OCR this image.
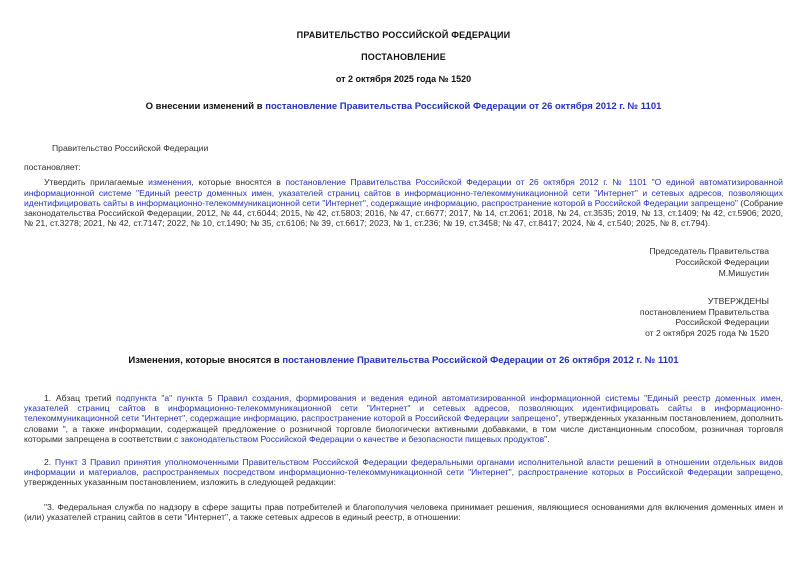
ПРАВИТЕЛЬСТВО РОССИЙСКОЙ ФЕДЕРАЦИИ
ПОСТАНОВЛЕНИЕ
от 2 октября 2025 года № 1520
О внесении изменений в постановление Правительства Российской Федерации от 26 октября 2012 г. № 1101

Правительство Российской Федерации

постановляет:

Утвердить прилагаемые изменения, которые вносятся в постановление Правительства Российской Федерации от 26 октября 2012 г. № 1101 "О единой автоматизированной информационной системе "Единый реестр доменных имен, указателей страниц сайтов в информационно-телекоммуникационной сети "Интернет" и сетевых адресов, позволяющих идентифицировать сайты в информационно-телекоммуникационной сети "Интернет", содержащие информацию, распространение которой в Российской Федерации запрещено" (Собрание законодательства Российской Федерации, 2012, № 44, ст.6044; 2015, № 42, ст.5803; 2016, № 47, ст.6677; 2017, № 14, ст.2061; 2018, № 24, ст.3535; 2019, № 13, ст.1409; № 42, ст.5906; 2020, № 21, ст.3278; 2021, № 42, ст.7147; 2022, № 10, ст.1490; № 35, ст.6106; № 39, ст.6617; 2023, № 1, ст.236; № 19, ст.3458; № 47, ст.8417; 2024, № 4, ст.540; 2025, № 8, ст.794).

Председатель Правительства
Российской Федерации
М.Мишустин
УТВЕРЖДЕНЫ
постановлением Правительства
Российской Федерации
от 2 октября 2025 года № 1520
Изменения, которые вносятся в постановление Правительства Российской Федерации от 26 октября 2012 г. № 1101

1. Абзац третий подпункта "а" пункта 5 Правил создания, формирования и ведения единой автоматизированной информационной системы "Единый реестр доменных имен, указателей страниц сайтов в информационно-телекоммуникационной сети "Интернет" и сетевых адресов, позволяющих идентифицировать сайты в информационно-телекоммуникационной сети "Интернет", содержащие информацию, распространение которой в Российской Федерации запрещено", утвержденных указанным постановлением, дополнить словами ", а также информации, содержащей предложение о розничной торговле биологически активными добавками, в том числе дистанционным способом, розничная торговля которыми запрещена в соответствии с законодательством Российской Федерации о качестве и безопасности пищевых продуктов".

2. Пункт 3 Правил принятия уполномоченными Правительством Российской Федерации федеральными органами исполнительной власти решений в отношении отдельных видов информации и материалов, распространяемых посредством информационно-телекоммуникационной сети "Интернет", распространение которых в Российской Федерации запрещено, утвержденных указанным постановлением, изложить в следующей редакции:

"3. Федеральная служба по надзору в сфере защиты прав потребителей и благополучия человека принимает решения, являющиеся основаниями для включения доменных имен и (или) указателей страниц сайтов в сети "Интернет", а также сетевых адресов в единый реестр, в отношении:
